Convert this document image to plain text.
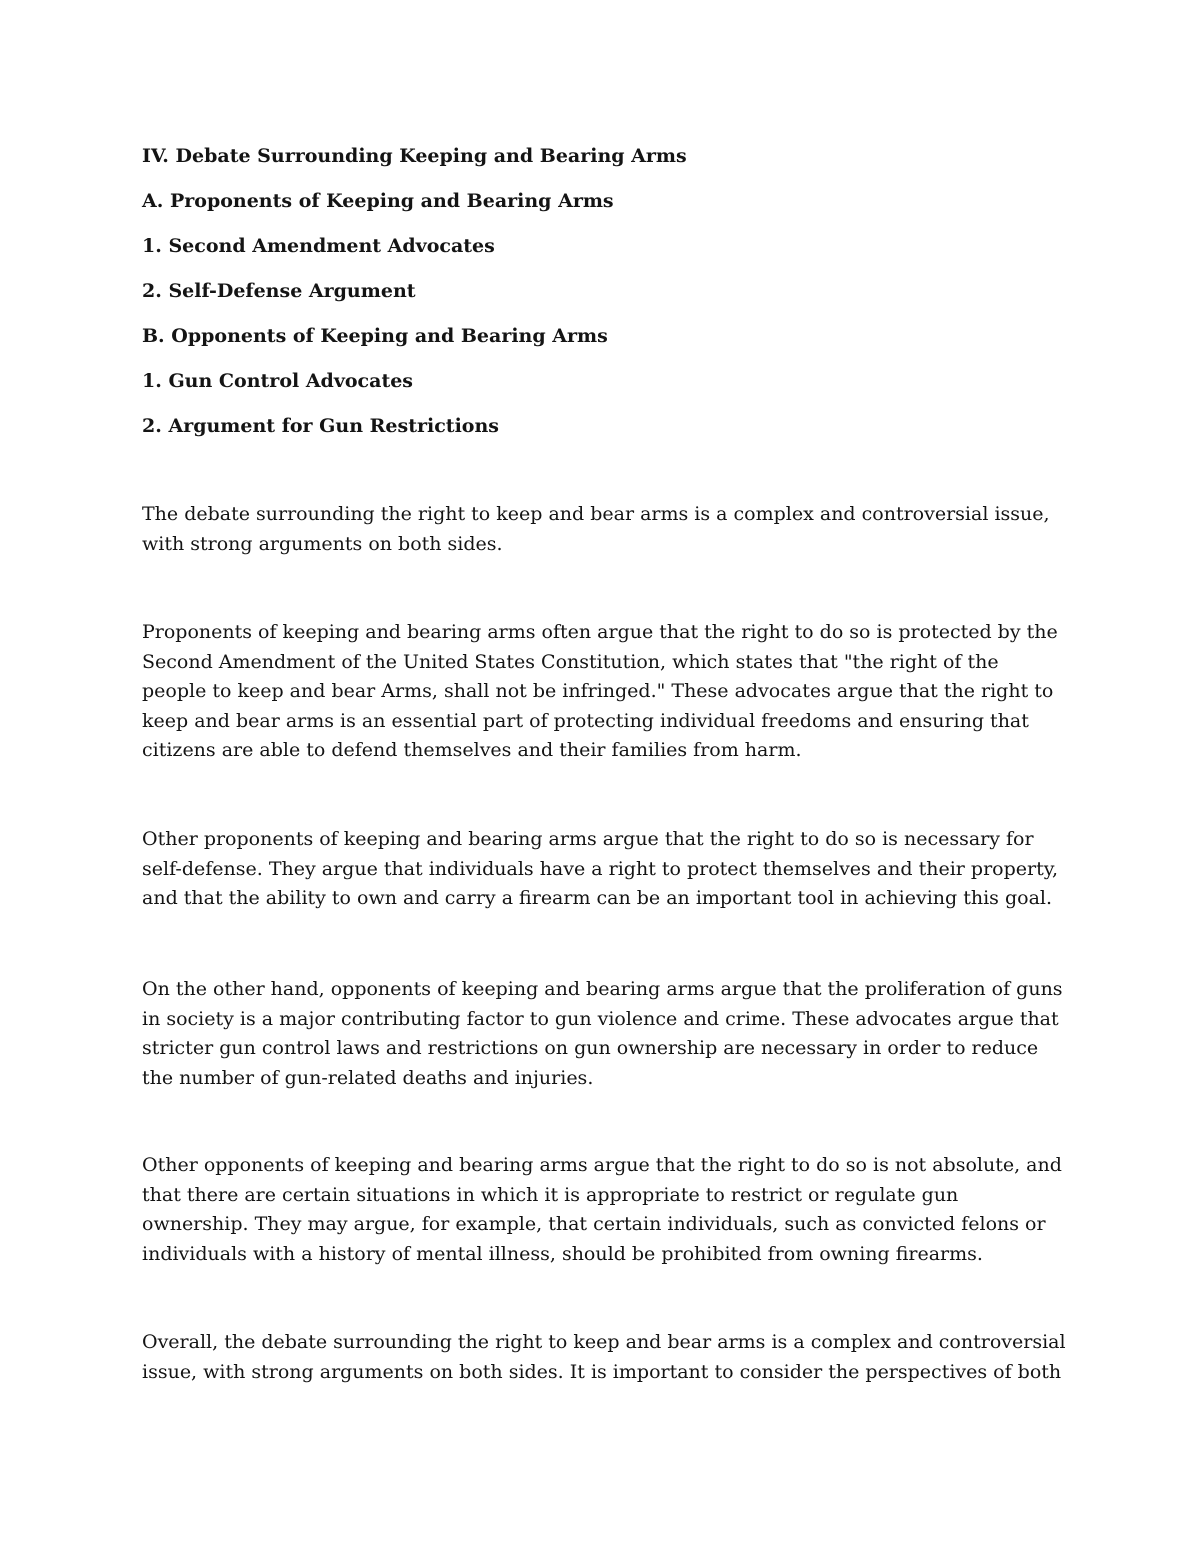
IV. Debate Surrounding Keeping and Bearing Arms
A. Proponents of Keeping and Bearing Arms
1. Second Amendment Advocates
2. Self-Defense Argument
B. Opponents of Keeping and Bearing Arms
1. Gun Control Advocates
2. Argument for Gun Restrictions

The debate surrounding the right to keep and bear arms is a complex and controversial issue, with strong arguments on both sides.

Proponents of keeping and bearing arms often argue that the right to do so is protected by the Second Amendment of the United States Constitution, which states that "the right of the people to keep and bear Arms, shall not be infringed." These advocates argue that the right to keep and bear arms is an essential part of protecting individual freedoms and ensuring that citizens are able to defend themselves and their families from harm.

Other proponents of keeping and bearing arms argue that the right to do so is necessary for self-defense. They argue that individuals have a right to protect themselves and their property, and that the ability to own and carry a firearm can be an important tool in achieving this goal.

On the other hand, opponents of keeping and bearing arms argue that the proliferation of guns in society is a major contributing factor to gun violence and crime. These advocates argue that stricter gun control laws and restrictions on gun ownership are necessary in order to reduce the number of gun-related deaths and injuries.

Other opponents of keeping and bearing arms argue that the right to do so is not absolute, and that there are certain situations in which it is appropriate to restrict or regulate gun ownership. They may argue, for example, that certain individuals, such as convicted felons or individuals with a history of mental illness, should be prohibited from owning firearms.

Overall, the debate surrounding the right to keep and bear arms is a complex and controversial issue, with strong arguments on both sides. It is important to consider the perspectives of both
